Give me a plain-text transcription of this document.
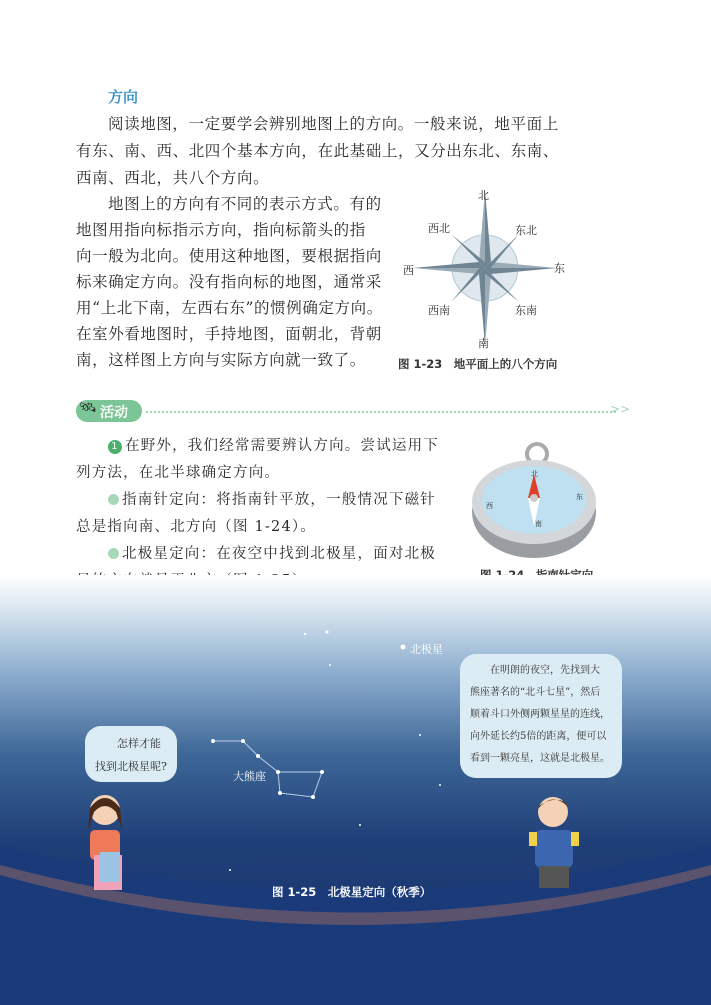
方向
阅读地图，一定要学会辨别地图上的方向。一般来说，地平面上
有东、南、西、北四个基本方向，在此基础上，又分出东北、东南、
西南、西北，共八个方向。
地图上的方向有不同的表示方式。有的
地图用指向标指示方向，指向标箭头的指
向一般为北向。使用这种地图，要根据指向
标来确定方向。没有指向标的地图，通常采
用“上北下南，左西右东”的惯例确定方向。
在室外看地图时，手持地图，面朝北，背朝
南，这样图上方向与实际方向就一致了。
北
东北
东
东南
南
西南
西
西北
图 1-23　地平面上的八个方向
🛰 活动	>>
1 在野外，我们经常需要辨认方向。尝试运用下
列方法，在北半球确定方向。
指南针定向：将指南针平放，一般情况下磁针
总是指向南、北方向（图 1-24）。
北极星定向：在夜空中找到北极星，面对北极
北
南
东
西
北极星
大熊座
怎样才能
找到北极星呢?
在明朗的夜空，先找到大
熊座著名的“北斗七星”，然后
顺着斗口外侧两颗星星的连线，
向外延长约5倍的距离，便可以
看到一颗亮星，这就是北极星。
图 1-25　北极星定向（秋季）
